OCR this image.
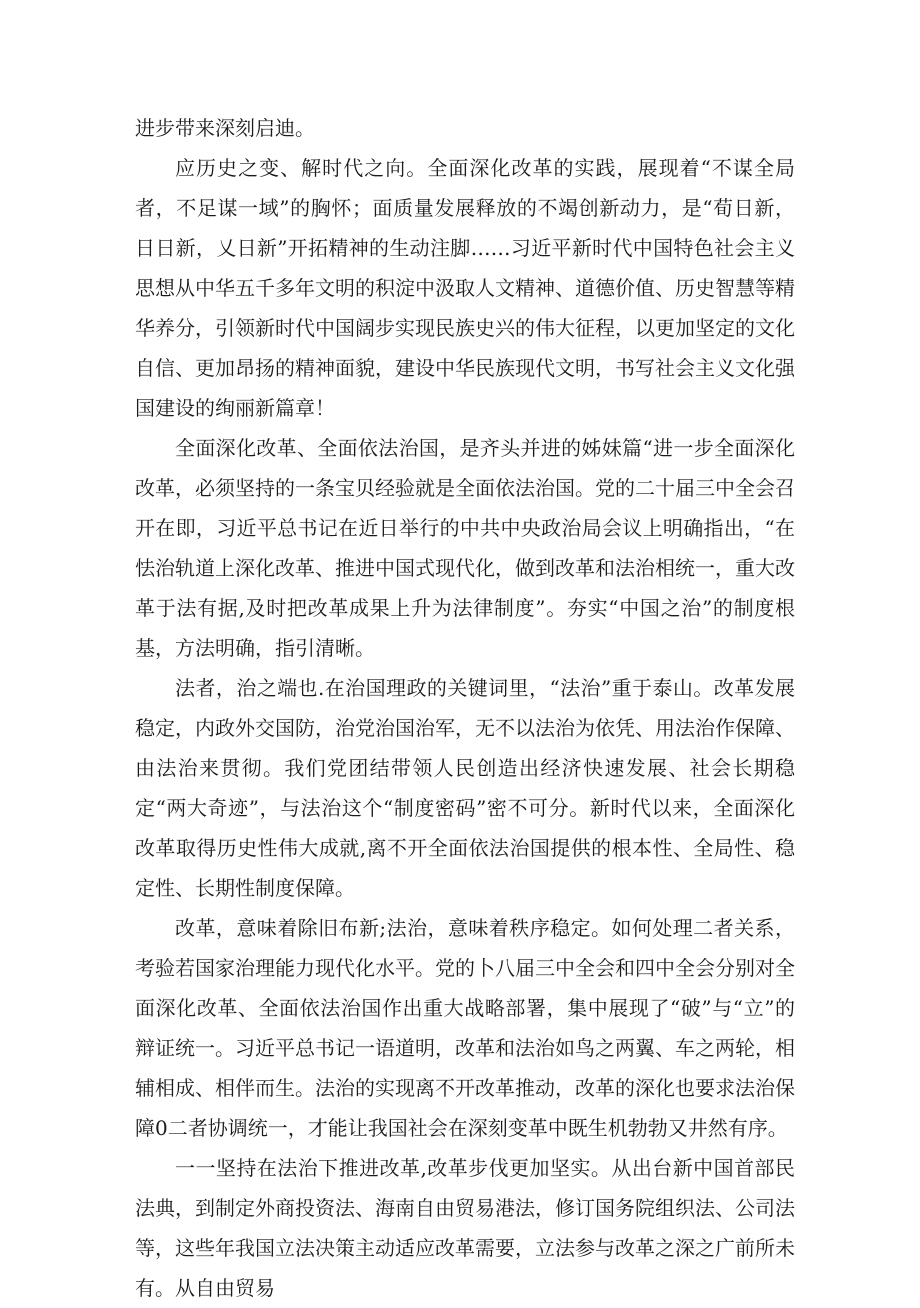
进步带来深刻启迪。

应历史之变、解时代之向。全面深化改革的实践，展现着“不谋全局者，不足谋一域”的胸怀；面质量发展释放的不竭创新动力，是“荀日新，日日新，乂日新”开拓精神的生动注脚……习近平新时代中国特色社会主义思想从中华五千多年文明的积淀中汲取人文精神、道德价值、历史智慧等精华养分，引领新时代中国阔步实现民族史兴的伟大征程，以更加坚定的文化自信、更加昂扬的精神面貌，建设中华民族现代文明，书写社会主义文化强国建设的绚丽新篇章！

全面深化改革、全面依法治国，是齐头并进的姊妹篇“进一步全面深化改革，必须坚持的一条宝贝经验就是全面依法治国。党的二十届三中全会召开在即，习近平总书记在近日举行的中共中央政治局会议上明确指出，“在怯治轨道上深化改革、推进中国式现代化，做到改革和法治相统一，重大改革于法有据,及时把改革成果上升为法律制度”。夯实“中国之治”的制度根基，方法明确，指引清晰。

法者，治之端也.在治国理政的关键词里，“法治”重于泰山。改革发展稳定，内政外交国防，治党治国治军，无不以法治为依凭、用法治作保障、由法治来贯彻。我们党团结带领人民创造出经济快速发展、社会长期稳定“两大奇迹”，与法治这个“制度密码”密不可分。新时代以来，全面深化改革取得历史性伟大成就,离不开全面依法治国提供的根本性、全局性、稳定性、长期性制度保障。

改革，意味着除旧布新;法治，意味着秩序稳定。如何处理二者关系，考验若国家治理能力现代化水平。党的卜八届三中全会和四中全会分别对全面深化改革、全面依法治国作出重大战略部署，集中展现了“破”与“立”的辩证统一。习近平总书记一语道明，改革和法治如鸟之两翼、车之两轮，相辅相成、相伴而生。法治的实现离不开改革推动，改革的深化也要求法治保障0二者协调统一，才能让我国社会在深刻变革中既生机勃勃又井然有序。

一一坚持在法治下推进改革,改革步伐更加坚实。从出台新中国首部民法典，到制定外商投资法、海南自由贸易港法，修订国务院组织法、公司法等，这些年我国立法决策主动适应改革需要，立法参与改革之深之广前所未有。从自由贸易
